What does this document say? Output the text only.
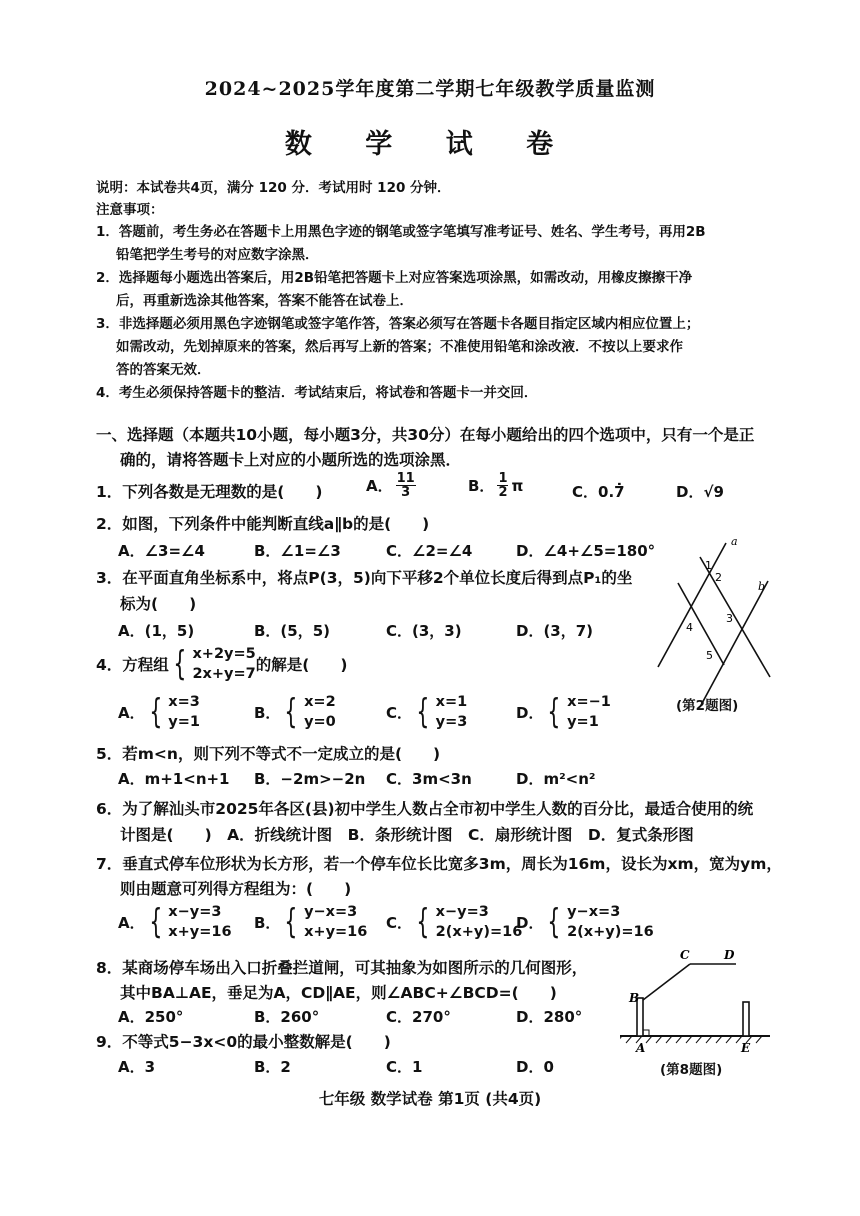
2024~2025学年度第二学期七年级教学质量监测
数 学 试 卷
说明：本试卷共4页，满分 120 分．考试用时 120 分钟．
注意事项：
1．答题前，考生务必在答题卡上用黑色字迹的钢笔或签字笔填写准考证号、姓名、学生考号，再用2B
铅笔把学生考号的对应数字涂黑．
2．选择题每小题选出答案后，用2B铅笔把答题卡上对应答案选项涂黑，如需改动，用橡皮擦擦干净
后，再重新选涂其他答案，答案不能答在试卷上．
3．非选择题必须用黑色字迹钢笔或签字笔作答，答案必须写在答题卡各题目指定区域内相应位置上；
如需改动，先划掉原来的答案，然后再写上新的答案；不准使用铅笔和涂改液．不按以上要求作
答的答案无效．
4．考生必须保持答题卡的整洁．考试结束后，将试卷和答题卡一并交回．
一、选择题（本题共10小题，每小题3分，共30分）在每小题给出的四个选项中，只有一个是正
确的，请将答题卡上对应的小题所选的选项涂黑．
1．下列各数是无理数的是(　　)	A． $\frac{11}{3}$	B． $\frac{1}{2}$ π	C．0.7̇	D．√9
2．如图，下列条件中能判断直线a∥b的是(　　)
A．∠3=∠4	B．∠1=∠3	C．∠2=∠4	D．∠4+∠5=180°
a
b
1
2
3
4
5
(第2题图)
3．在平面直角坐标系中，将点P(3，5)向下平移2个单位长度后得到点P₁的坐
标为(　　)
A．(1，5)	B．(5，5)	C．(3，3)	D．(3，7)
4．方程组 { x+2y=5
2x+y=7 的解是(　　)
A． { x=3
y=1
B． { x=2
y=0
C． { x=1
y=3
D． { x=−1
y=1
5．若m<n，则下列不等式不一定成立的是(　　)
A．m+1<n+1 B．−2m>−2n C．3m<3n	D．m²<n²
6．为了解汕头市2025年各区(县)初中学生人数占全市初中学生人数的百分比，最适合使用的统
计图是(　　)　A．折线统计图　B．条形统计图　C．扇形统计图　D．复式条形图
7．垂直式停车位形状为长方形，若一个停车位长比宽多3m，周长为16m，设长为xm，宽为ym，
则由题意可列得方程组为：(　　)
A． { x−y=3
x+y=16
B． { y−x=3
x+y=16
C． { x−y=3
2(x+y)=16
D． { y−x=3
2(x+y)=16
8．某商场停车场出入口折叠拦道闸，可其抽象为如图所示的几何图形，
其中BA⊥AE，垂足为A，CD∥AE，则∠ABC+∠BCD=(　　)
A．250°	B．260°	C．270°	D．280°
B
A
C	D
E
(第8题图)
9．不等式5−3x<0的最小整数解是(　　)
A．3	B．2	C．1	D．0
七年级 数学试卷 第1页 (共4页)
